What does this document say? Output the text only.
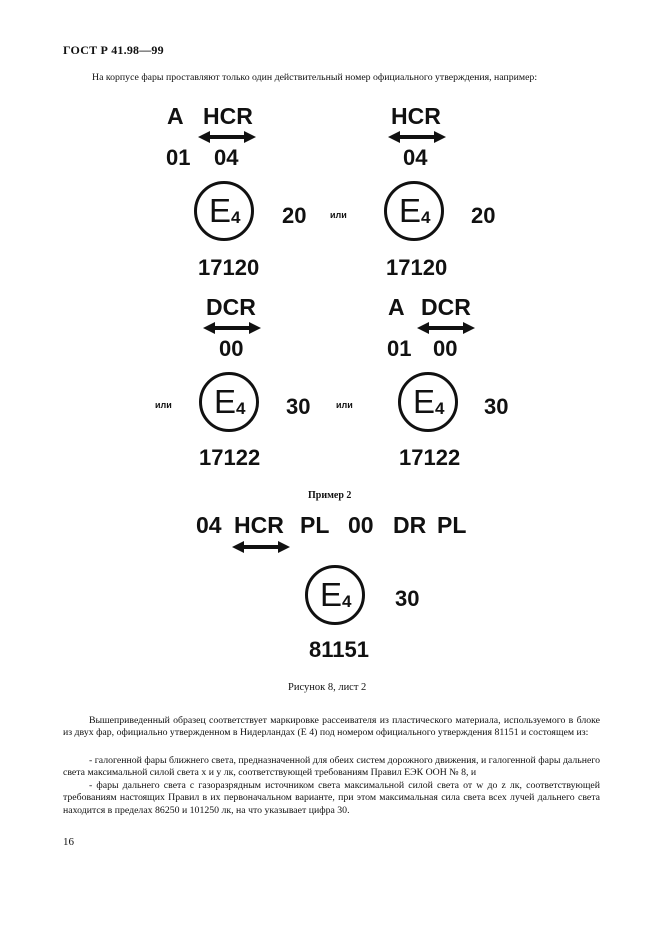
ГОСТ Р 41.98—99
На корпусе фары проставляют только один действительный номер официального утверждения, например:
A HCR
01 04
E 4 20
17120
или
HCR
04
E 4 20
17120
DCR
00
E 4
или	30
17122
или
A DCR
01 00
E 4 30
17122
Пример 2
04 HCR PL 00 DR PL
E 4 30
81151
Рисунок 8, лист 2
Вышеприведенный образец соответствует маркировке рассеивателя из пластического материала, используемого в блоке из двух фар, официально утвержденном в Нидерландах (Е 4) под номером официального утверждения 81151 и состоящем из:
- галогенной фары ближнего света, предназначенной для обеих систем дорожного движения, и галогенной фары дальнего света максимальной силой света x и y лк, соответствующей требованиям Правил ЕЭК ООН № 8, и
- фары дальнего света с газоразрядным источником света максимальной силой света от w до z лк, соответствующей требованиям настоящих Правил в их первоначальном варианте, при этом максимальная сила света всех лучей дальнего света находится в пределах 86250 и 101250 лк, на что указывает цифра 30.
16
